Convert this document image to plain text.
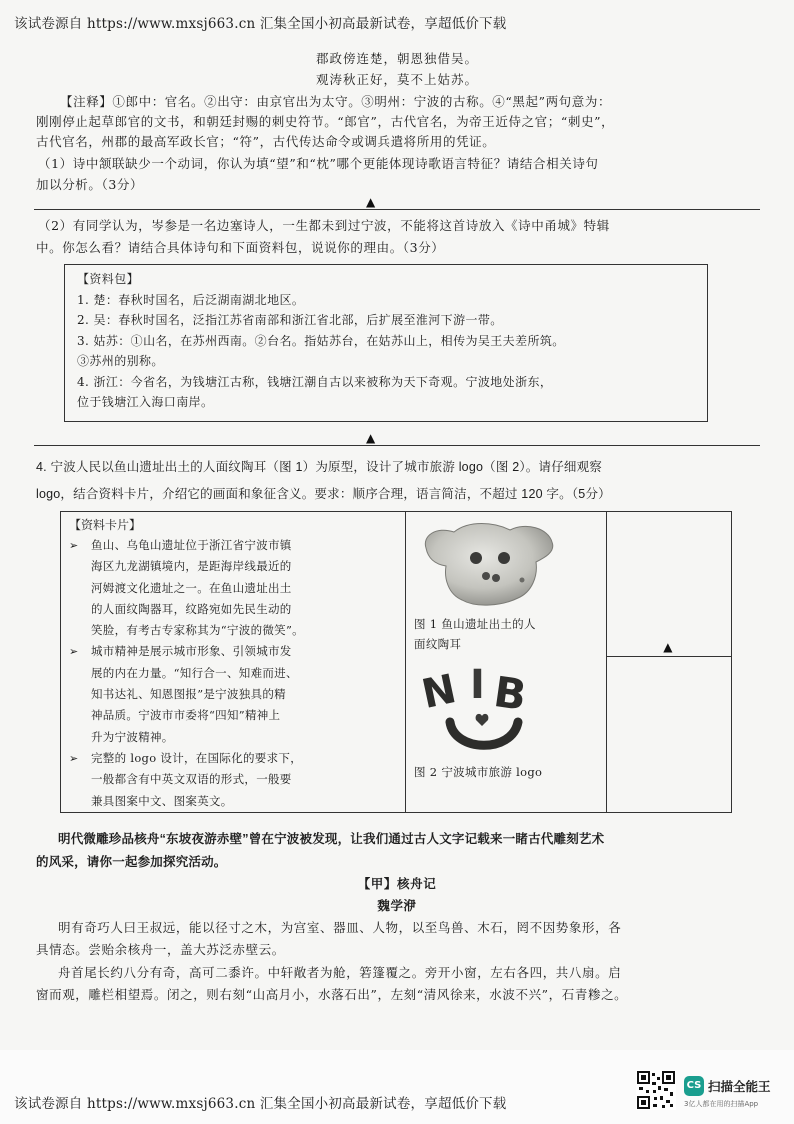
该试卷源自 https://www.mxsj663.cn 汇集全国小初高最新试卷，享超低价下载
郡政傍连楚，朝恩独借吴。
观涛秋正好，莫不上姑苏。
【注释】①郎中：官名。②出守：由京官出为太守。③明州：宁波的古称。④“黑起”两句意为：
刚刚停止起草郎官的文书，和朝廷封赐的刺史符节。“郎官”，古代官名，为帝王近侍之官；“刺史”，
古代官名，州郡的最高军政长官；“符”，古代传达命令或调兵遣将所用的凭证。
（1）诗中颔联缺少一个动词，你认为填“望”和“枕”哪个更能体现诗歌语言特征？请结合相关诗句
加以分析。（3分）
▲
（2）有同学认为，岑参是一名边塞诗人，一生都未到过宁波，不能将这首诗放入《诗中甬城》特辑
中。你怎么看？请结合具体诗句和下面资料包，说说你的理由。（3分）

【资料包】

1. 楚：春秋时国名，后泛湖南湖北地区。

2. 吴：春秋时国名，泛指江苏省南部和浙江省北部，后扩展至淮河下游一带。

3. 姑苏：①山名，在苏州西南。②台名。指姑苏台，在姑苏山上，相传为吴王夫差所筑。

③苏州的别称。

4. 浙江：今省名，为钱塘江古称，钱塘江潮自古以来被称为天下奇观。宁波地处浙东，

位于钱塘江入海口南岸。

▲
4. 宁波人民以鱼山遗址出土的人面纹陶耳（图 1）为原型，设计了城市旅游 logo（图 2）。请仔细观察
logo，结合资料卡片，介绍它的画面和象征含义。要求：顺序合理，语言简洁，不超过 120 字。（5分）
【资料卡片】
➢	鱼山、乌龟山遗址位于浙江省宁波市镇
海区九龙湖镇境内，是距海岸线最近的
河姆渡文化遗址之一。在鱼山遗址出土
的人面纹陶器耳，纹路宛如先民生动的
笑脸，有考古专家称其为“宁波的微笑”。
➢	城市精神是展示城市形象、引领城市发
展的内在力量。“知行合一、知难而进、
知书达礼、知恩图报”是宁波独具的精
神品质。宁波市市委将“四知”精神上
升为宁波精神。
➢	完整的 logo 设计，在国际化的要求下，
一般都含有中英文双语的形式，一般要
兼具图案中文、图案英文。

图 1 鱼山遗址出土的人
面纹陶耳
N I B
图 2 宁波城市旅游 logo

▲
明代微雕珍品核舟“东坡夜游赤壁”曾在宁波被发现，让我们通过古人文字记载来一睹古代雕刻艺术
的风采，请你一起参加探究活动。
【甲】核舟记
魏学洢
明有奇巧人曰王叔远，能以径寸之木，为宫室、器皿、人物，以至鸟兽、木石，罔不因势象形，各
具情态。尝贻余核舟一，盖大苏泛赤壁云。
舟首尾长约八分有奇，高可二黍许。中轩敞者为舱，箬篷覆之。旁开小窗，左右各四，共八扇。启
窗而观，雕栏相望焉。闭之，则右刻“山高月小，水落石出”，左刻“清风徐来，水波不兴”，石青糁之。
该试卷源自 https://www.mxsj663.cn 汇集全国小初高最新试卷，享超低价下载
CS 扫描全能王
3亿人都在用的扫描App
